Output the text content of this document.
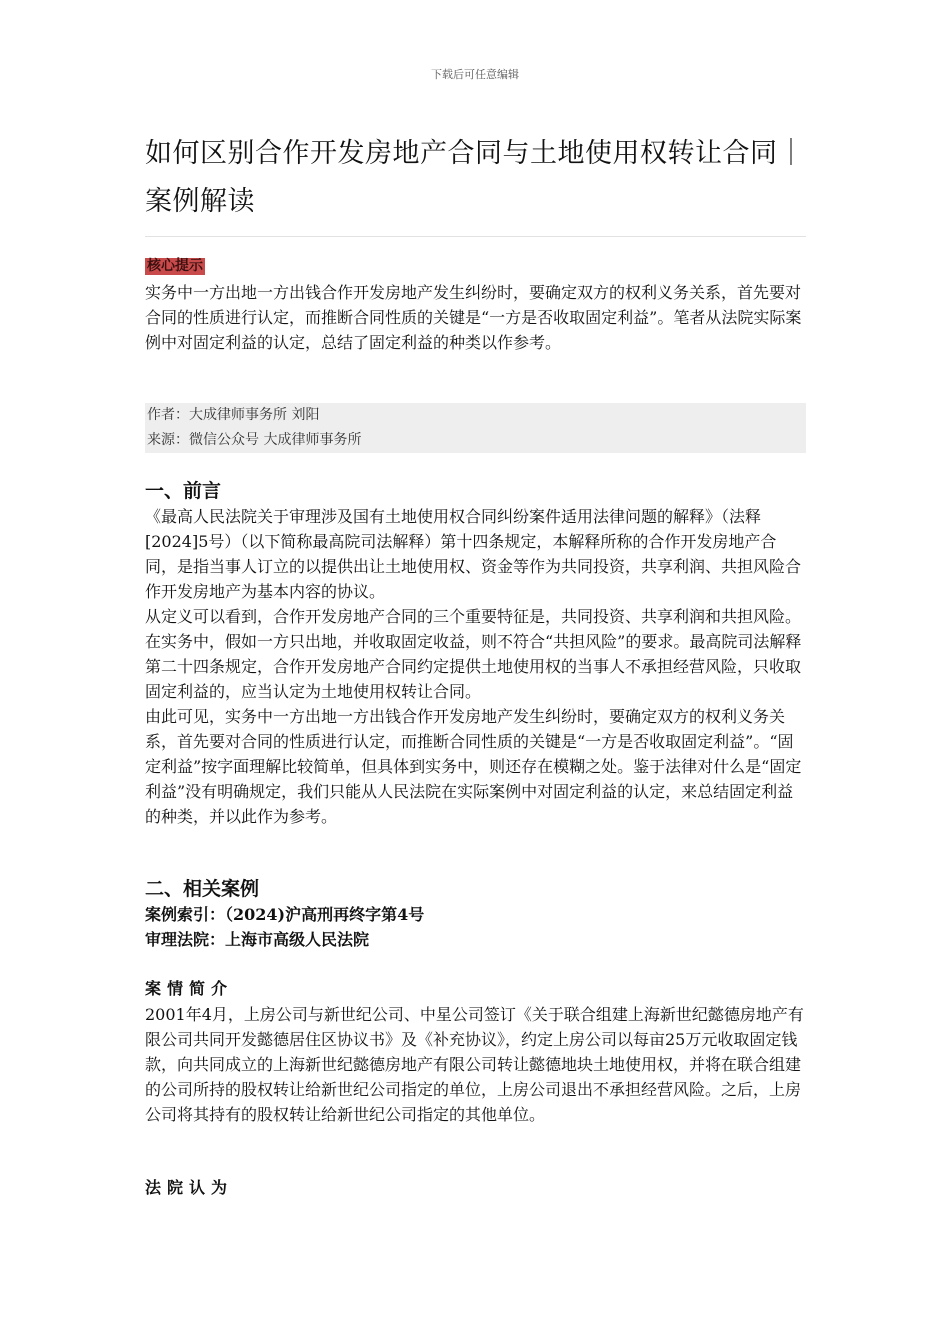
下载后可任意编辑
如何区别合作开发房地产合同与土地使用权转让合同｜案例解读
核心提示
实务中一方出地一方出钱合作开发房地产发生纠纷时，要确定双方的权利义务关系，首先要对合同的性质进行认定，而推断合同性质的关键是“一方是否收取固定利益”。笔者从法院实际案例中对固定利益的认定，总结了固定利益的种类以作参考。
作者：大成律师事务所 刘阳
来源：微信公众号 大成律师事务所
一、前言

《最高人民法院关于审理涉及国有土地使用权合同纠纷案件适用法律问题的解释》（法释[2024]5号）（以下简称最高院司法解释）第十四条规定，本解释所称的合作开发房地产合同，是指当事人订立的以提供出让土地使用权、资金等作为共同投资，共享利润、共担风险合作开发房地产为基本内容的协议。

从定义可以看到，合作开发房地产合同的三个重要特征是，共同投资、共享利润和共担风险。在实务中，假如一方只出地，并收取固定收益，则不符合“共担风险”的要求。最高院司法解释第二十四条规定，合作开发房地产合同约定提供土地使用权的当事人不承担经营风险，只收取固定利益的，应当认定为土地使用权转让合同。

由此可见，实务中一方出地一方出钱合作开发房地产发生纠纷时，要确定双方的权利义务关系，首先要对合同的性质进行认定，而推断合同性质的关键是“一方是否收取固定利益”。“固定利益”按字面理解比较简单，但具体到实务中，则还存在模糊之处。鉴于法律对什么是“固定利益”没有明确规定，我们只能从人民法院在实际案例中对固定利益的认定，来总结固定利益的种类，并以此作为参考。

二、相关案例
案例索引：（2024)沪高刑再终字第4号
审理法院：上海市高级人民法院
案情简介
2001年4月，上房公司与新世纪公司、中星公司签订《关于联合组建上海新世纪懿德房地产有限公司共同开发懿德居住区协议书》及《补充协议》，约定上房公司以每亩25万元收取固定钱款，向共同成立的上海新世纪懿德房地产有限公司转让懿德地块土地使用权，并将在联合组建的公司所持的股权转让给新世纪公司指定的单位，上房公司退出不承担经营风险。之后，上房公司将其持有的股权转让给新世纪公司指定的其他单位。
法院认为
